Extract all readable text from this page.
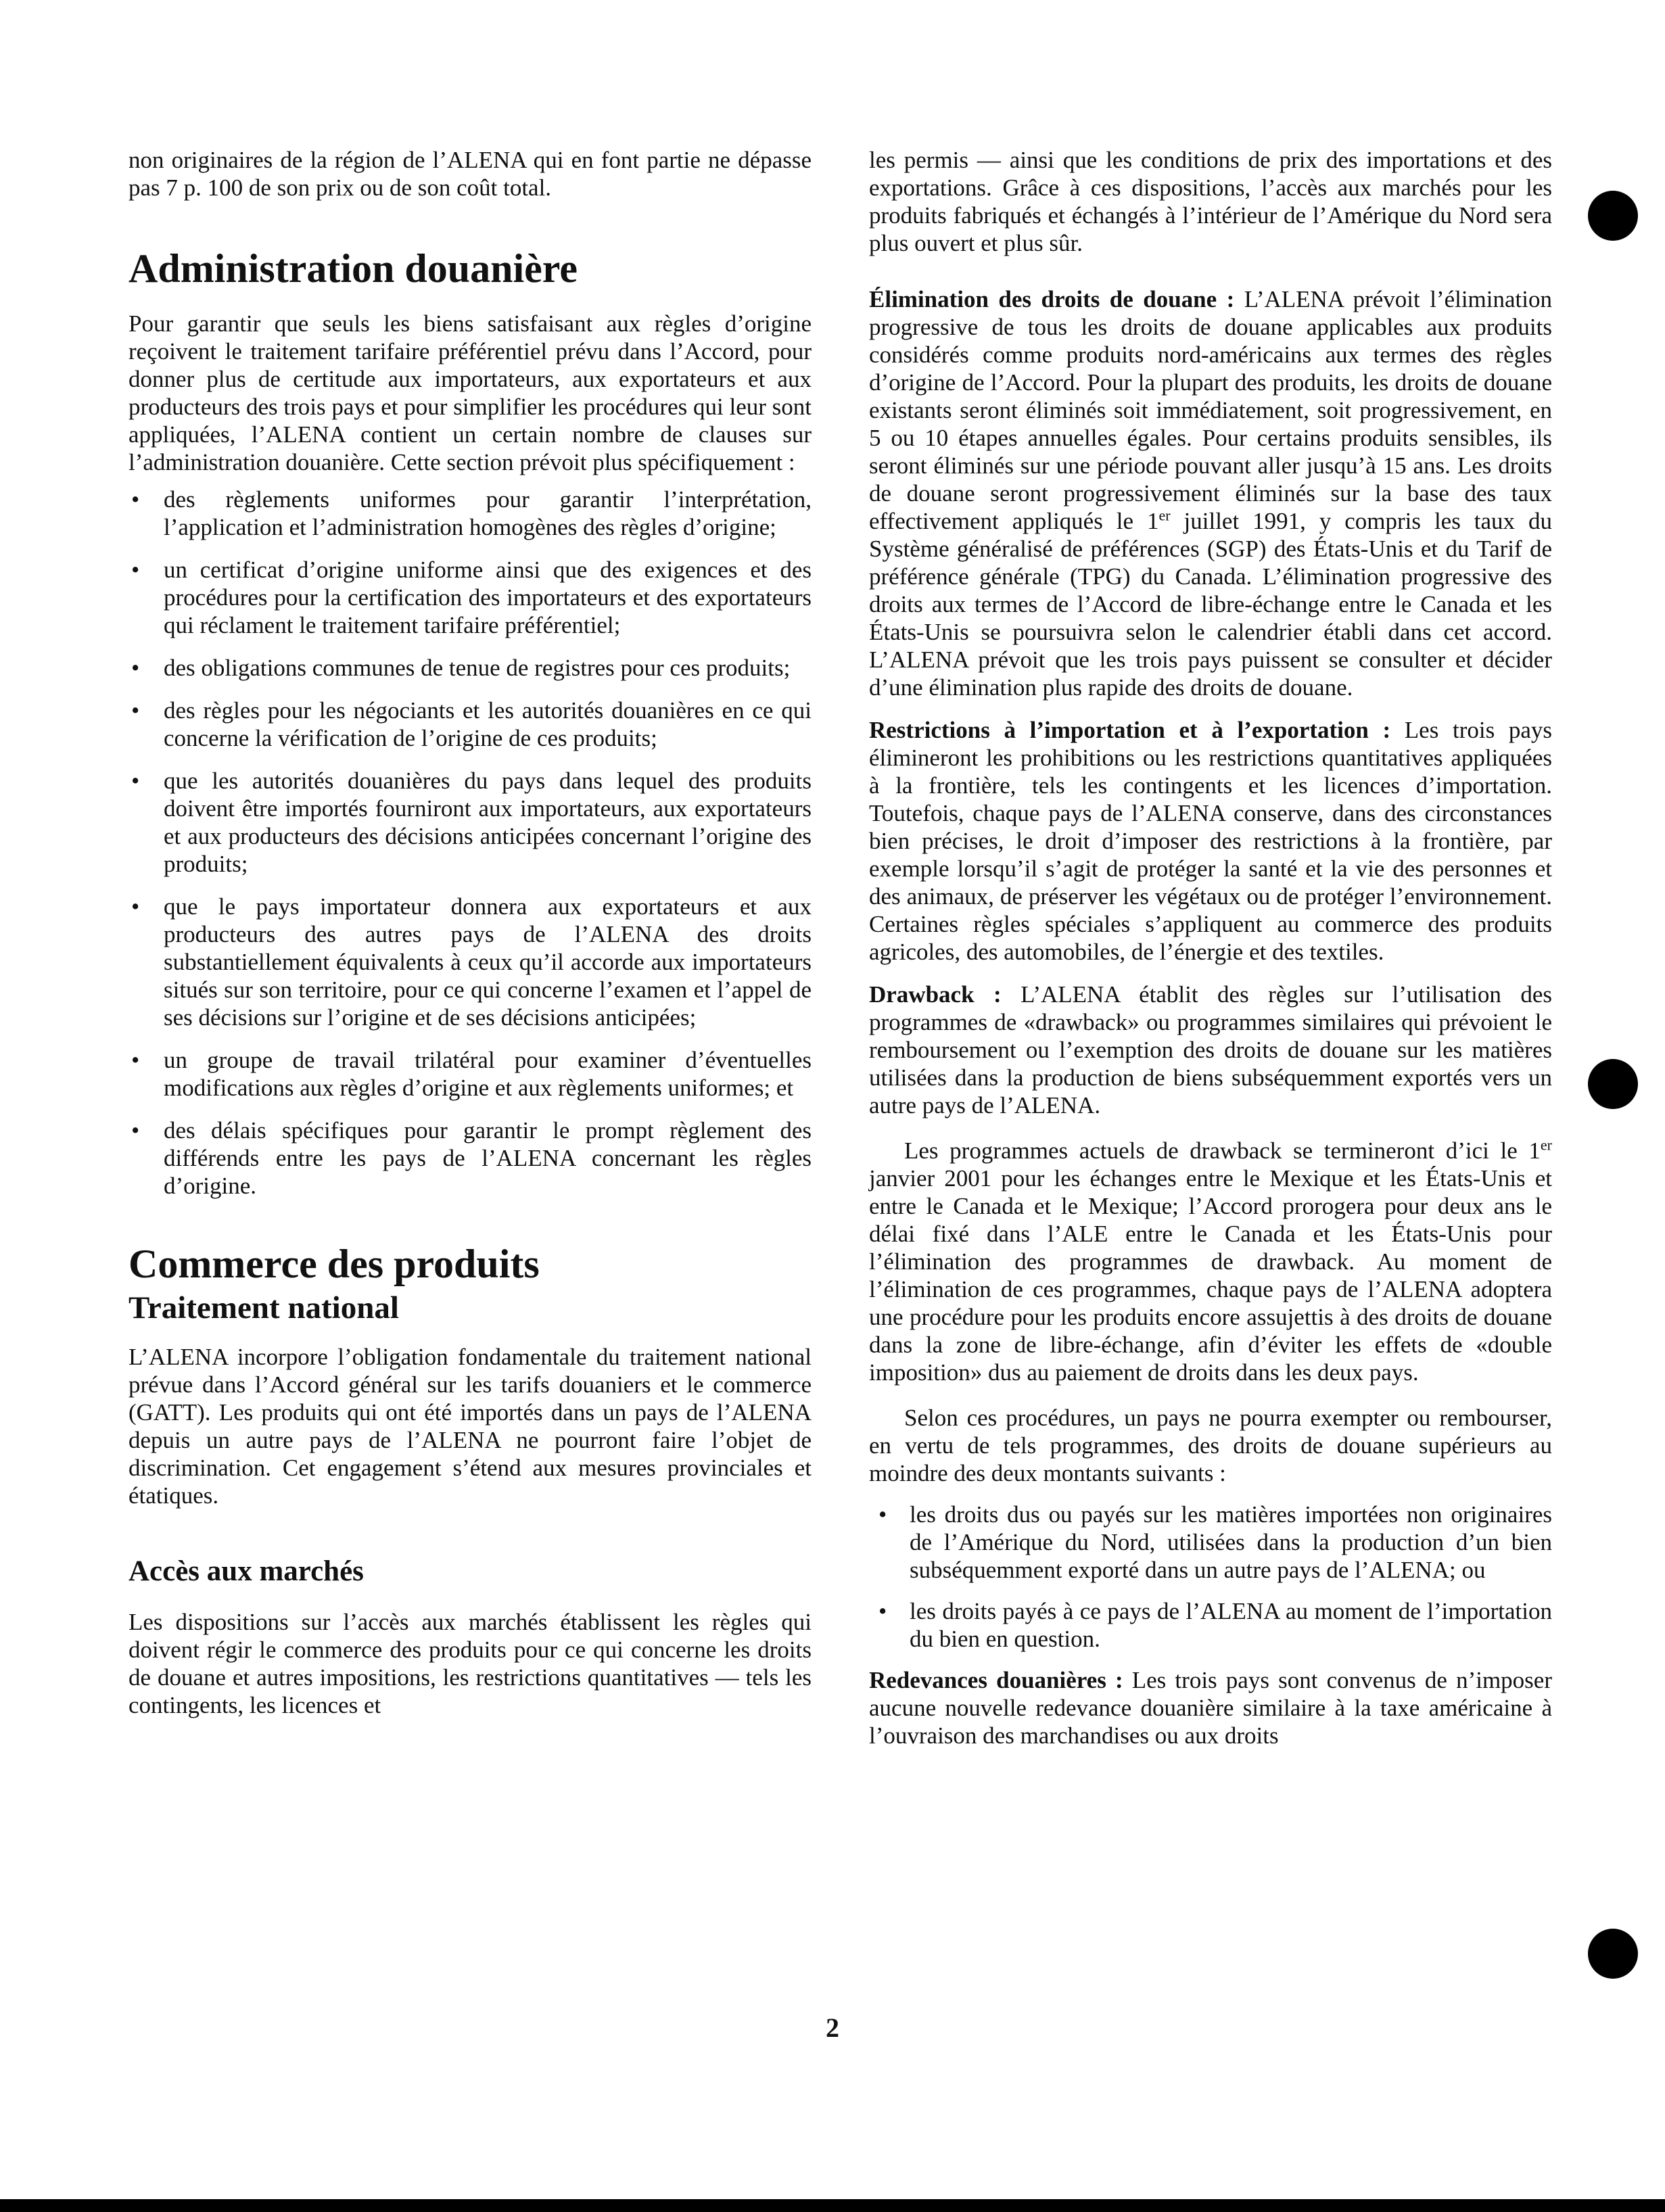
non originaires de la région de l’ALENA qui en font partie ne dépasse pas 7 p. 100 de son prix ou de son coût total.

Administration douanière

Pour garantir que seuls les biens satisfaisant aux règles d’origine reçoivent le traitement tarifaire préférentiel prévu dans l’Accord, pour donner plus de certitude aux importateurs, aux exportateurs et aux producteurs des trois pays et pour simplifier les procédures qui leur sont appliquées, l’ALENA contient un certain nombre de clauses sur l’administration douanière. Cette section prévoit plus spécifiquement :

•	des règlements uniformes pour garantir l’interprétation, l’application et l’administration homogènes des règles d’origine;
•	un certificat d’origine uniforme ainsi que des exigences et des procédures pour la certification des importateurs et des exportateurs qui réclament le traitement tarifaire préférentiel;
•	des obligations communes de tenue de registres pour ces produits;
•	des règles pour les négociants et les autorités douanières en ce qui concerne la vérification de l’origine de ces produits;
•	que les autorités douanières du pays dans lequel des produits doivent être importés fourniront aux importateurs, aux exportateurs et aux producteurs des décisions anticipées concernant l’origine des produits;
•	que le pays importateur donnera aux exportateurs et aux producteurs des autres pays de l’ALENA des droits substantiellement équivalents à ceux qu’il accorde aux importateurs situés sur son territoire, pour ce qui concerne l’examen et l’appel de ses décisions sur l’origine et de ses décisions anticipées;
•	un groupe de travail trilatéral pour examiner d’éventuelles modifications aux règles d’origine et aux règlements uniformes; et
•	des délais spécifiques pour garantir le prompt règlement des différends entre les pays de l’ALENA concernant les règles d’origine.
Commerce des produits
Traitement national

L’ALENA incorpore l’obligation fondamentale du traitement national prévue dans l’Accord général sur les tarifs douaniers et le commerce (GATT). Les produits qui ont été importés dans un pays de l’ALENA depuis un autre pays de l’ALENA ne pourront faire l’objet de discrimination. Cet engagement s’étend aux mesures provinciales et étatiques.

Accès aux marchés

Les dispositions sur l’accès aux marchés établissent les règles qui doivent régir le commerce des produits pour ce qui concerne les droits de douane et autres impositions, les restrictions quantitatives — tels les contingents, les licences et

les permis — ainsi que les conditions de prix des importations et des exportations. Grâce à ces dispositions, l’accès aux marchés pour les produits fabriqués et échangés à l’intérieur de l’Amérique du Nord sera plus ouvert et plus sûr.

Élimination des droits de douane : L’ALENA prévoit l’élimination progressive de tous les droits de douane applicables aux produits considérés comme produits nord-américains aux termes des règles d’origine de l’Accord. Pour la plupart des produits, les droits de douane existants seront éliminés soit immédiatement, soit progressivement, en 5 ou 10 étapes annuelles égales. Pour certains produits sensibles, ils seront éliminés sur une période pouvant aller jusqu’à 15 ans. Les droits de douane seront progressivement éliminés sur la base des taux effectivement appliqués le 1er juillet 1991, y compris les taux du Système généralisé de préférences (SGP) des États-Unis et du Tarif de préférence générale (TPG) du Canada. L’élimination progressive des droits aux termes de l’Accord de libre-échange entre le Canada et les États-Unis se poursuivra selon le calendrier établi dans cet accord. L’ALENA prévoit que les trois pays puissent se consulter et décider d’une élimination plus rapide des droits de douane.

Restrictions à l’importation et à l’exportation : Les trois pays élimineront les prohibitions ou les restrictions quantitatives appliquées à la frontière, tels les contingents et les licences d’importation. Toutefois, chaque pays de l’ALENA conserve, dans des circonstances bien précises, le droit d’imposer des restrictions à la frontière, par exemple lorsqu’il s’agit de protéger la santé et la vie des personnes et des animaux, de préserver les végétaux ou de protéger l’environnement. Certaines règles spéciales s’appliquent au commerce des produits agricoles, des automobiles, de l’énergie et des textiles.

Drawback : L’ALENA établit des règles sur l’utilisation des programmes de «drawback» ou programmes similaires qui prévoient le remboursement ou l’exemption des droits de douane sur les matières utilisées dans la production de biens subséquemment exportés vers un autre pays de l’ALENA.

Les programmes actuels de drawback se termineront d’ici le 1er janvier 2001 pour les échanges entre le Mexique et les États-Unis et entre le Canada et le Mexique; l’Accord prorogera pour deux ans le délai fixé dans l’ALE entre le Canada et les États-Unis pour l’élimination des programmes de drawback. Au moment de l’élimination de ces programmes, chaque pays de l’ALENA adoptera une procédure pour les produits encore assujettis à des droits de douane dans la zone de libre-échange, afin d’éviter les effets de «double imposition» dus au paiement de droits dans les deux pays.

Selon ces procédures, un pays ne pourra exempter ou rembourser, en vertu de tels programmes, des droits de douane supérieurs au moindre des deux montants suivants :

• les droits dus ou payés sur les matières importées non originaires de l’Amérique du Nord, utilisées dans la production d’un bien subséquemment exporté dans un autre pays de l’ALENA; ou
• les droits payés à ce pays de l’ALENA au moment de l’importation du bien en question.

Redevances douanières : Les trois pays sont convenus de n’imposer aucune nouvelle redevance douanière similaire à la taxe américaine à l’ouvraison des marchandises ou aux droits

2
